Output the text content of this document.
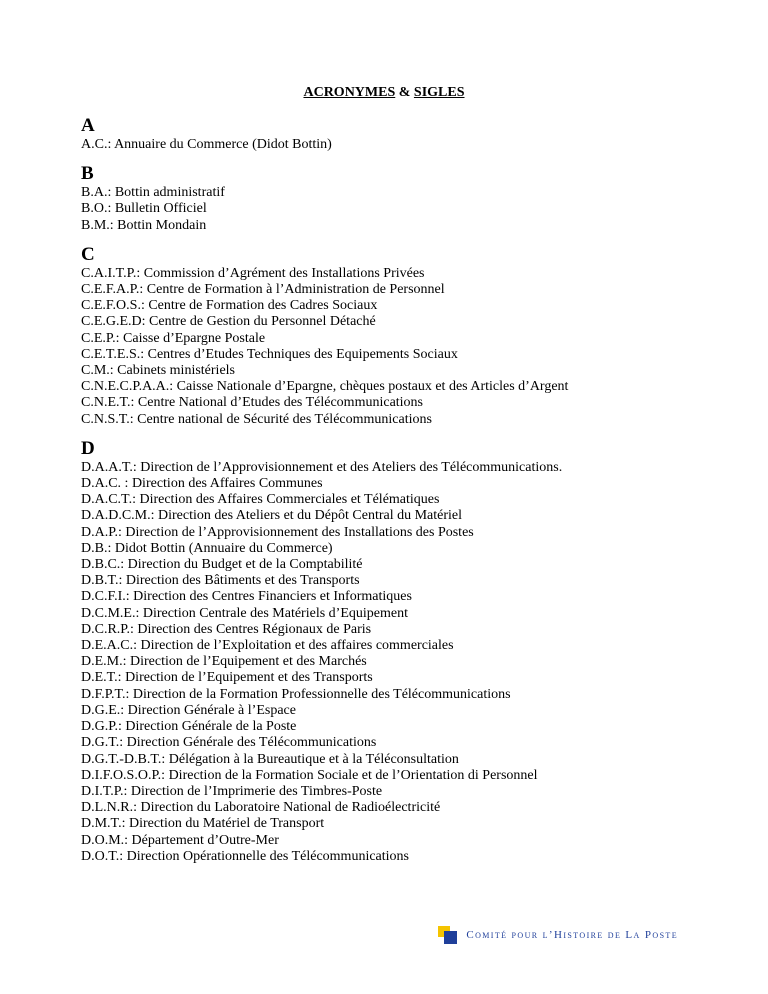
ACRONYMES & SIGLES
A
A.C.: Annuaire du Commerce (Didot Bottin)
B
B.A.: Bottin administratif
B.O.: Bulletin Officiel
B.M.: Bottin Mondain
C
C.A.I.T.P.: Commission d’Agrément des Installations Privées
C.E.F.A.P.: Centre de Formation à l’Administration de Personnel
C.E.F.O.S.: Centre de Formation des Cadres Sociaux
C.E.G.E.D: Centre de Gestion du Personnel Détaché
C.E.P.: Caisse d’Epargne Postale
C.E.T.E.S.: Centres d’Etudes Techniques des Equipements Sociaux
C.M.: Cabinets ministériels
C.N.E.C.P.A.A.: Caisse Nationale d’Epargne, chèques postaux et des Articles d’Argent
C.N.E.T.: Centre National d’Etudes des Télécommunications
C.N.S.T.: Centre national de Sécurité des Télécommunications
D
D.A.A.T.: Direction de l’Approvisionnement et des Ateliers des Télécommunications.
D.A.C. : Direction des Affaires Communes
D.A.C.T.: Direction des Affaires Commerciales et Télématiques
D.A.D.C.M.: Direction des Ateliers et du Dépôt Central du Matériel
D.A.P.: Direction de l’Approvisionnement des Installations des Postes
D.B.: Didot Bottin (Annuaire du Commerce)
D.B.C.: Direction du Budget et de la Comptabilité
D.B.T.: Direction des Bâtiments et des Transports
D.C.F.I.: Direction des Centres Financiers et Informatiques
D.C.M.E.: Direction Centrale des Matériels d’Equipement
D.C.R.P.: Direction des Centres Régionaux de Paris
D.E.A.C.: Direction de l’Exploitation et des affaires commerciales
D.E.M.: Direction de l’Equipement et des Marchés
D.E.T.: Direction de l’Equipement et des Transports
D.F.P.T.: Direction de la Formation Professionnelle des Télécommunications
D.G.E.: Direction Générale à l’Espace
D.G.P.: Direction Générale de la Poste
D.G.T.: Direction Générale des Télécommunications
D.G.T.-D.B.T.: Délégation à la Bureautique et à la Téléconsultation
D.I.F.O.S.O.P.: Direction de la Formation Sociale et de l’Orientation di Personnel
D.I.T.P.: Direction de l’Imprimerie des Timbres-Poste
D.L.N.R.: Direction du Laboratoire National de Radioélectricité
D.M.T.: Direction du Matériel de Transport
D.O.M.: Département d’Outre-Mer
D.O.T.: Direction Opérationnelle des Télécommunications
Comité pour l’Histoire de La Poste
